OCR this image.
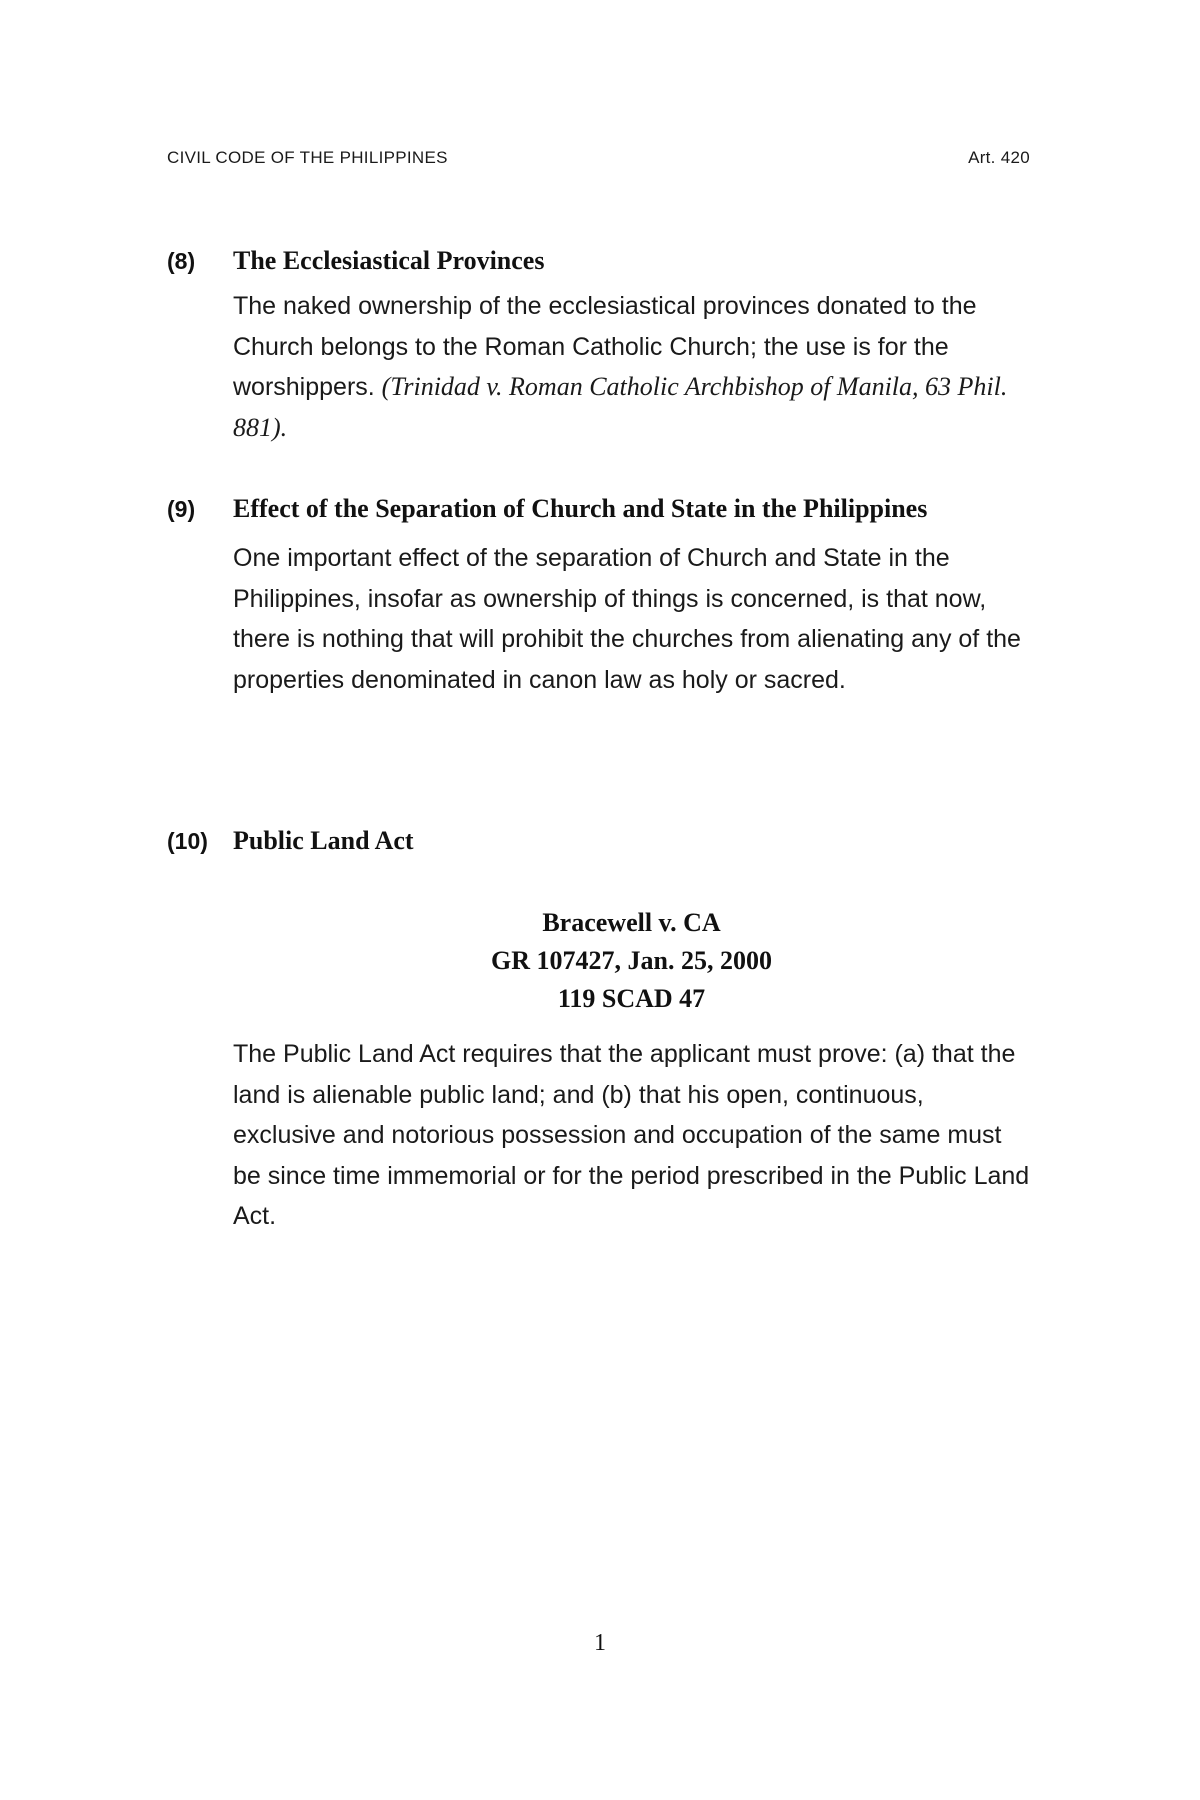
CIVIL CODE OF THE PHILIPPINES	Art. 420
(8)	The Ecclesiastical Provinces
The naked ownership of the ecclesiastical provinces donated to the Church belongs to the Roman Catholic Church; the use is for the worshippers. (Trinidad v. Roman Catholic Archbishop of Manila, 63 Phil. 881).
(9)	Effect of the Separation of Church and State in the Philippines
One important effect of the separation of Church and State in the Philippines, insofar as ownership of things is concerned, is that now, there is nothing that will prohibit the churches from alienating any of the properties denominated in canon law as holy or sacred.
(10) Public Land Act
Bracewell v. CA
GR 107427, Jan. 25, 2000
119 SCAD 47
The Public Land Act requires that the applicant must prove: (a) that the land is alienable public land; and (b) that his open, continuous, exclusive and notorious possession and occupation of the same must be since time immemorial or for the period prescribed in the Public Land Act.
1
